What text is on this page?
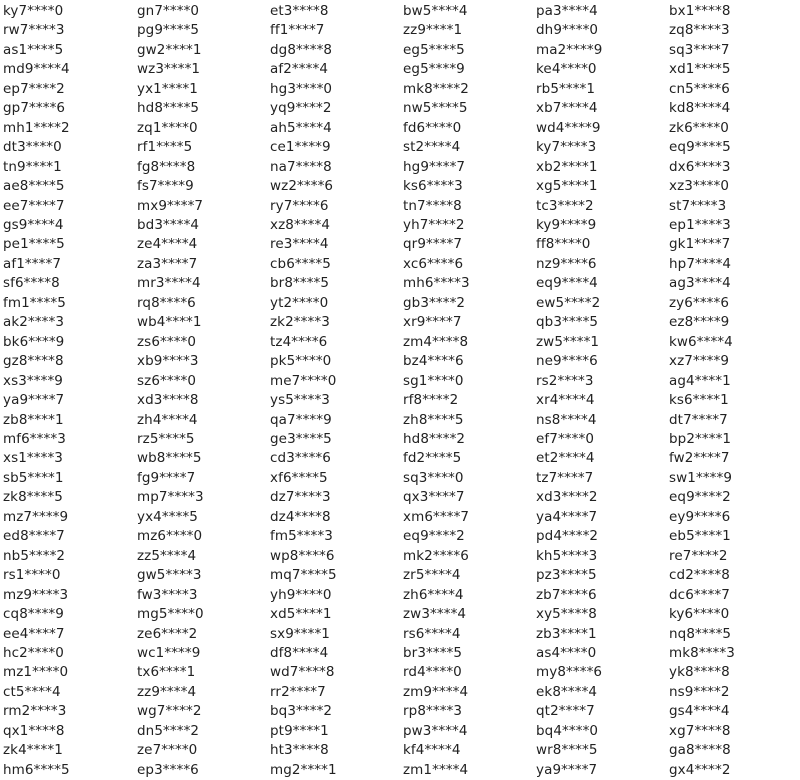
ky7****0
rw7****3
as1****5
md9****4
ep7****2
gp7****6
mh1****2
dt3****0
tn9****1
ae8****5
ee7****7
gs9****4
pe1****5
af1****7
sf6****8
fm1****5
ak2****3
bk6****9
gz8****8
xs3****9
ya9****7
zb8****1
mf6****3
xs1****3
sb5****1
zk8****5
mz7****9
ed8****7
nb5****2
rs1****0
mz9****3
cq8****9
ee4****7
hc2****0
mz1****0
ct5****4
rm2****3
qx1****8
zk4****1
hm6****5
gn7****0
pg9****5
gw2****1
wz3****1
yx1****1
hd8****5
zq1****0
rf1****5
fg8****8
fs7****9
mx9****7
bd3****4
ze4****4
za3****7
mr3****4
rq8****6
wb4****1
zs6****0
xb9****3
sz6****0
xd3****8
zh4****4
rz5****5
wb8****5
fg9****7
mp7****3
yx4****5
mz6****0
zz5****4
gw5****3
fw3****3
mg5****0
ze6****2
wc1****9
tx6****1
zz9****4
wg7****2
dn5****2
ze7****0
ep3****6
et3****8
ff1****7
dg8****8
af2****4
hg3****0
yq9****2
ah5****4
ce1****9
na7****8
wz2****6
ry7****6
xz8****4
re3****4
cb6****5
br8****5
yt2****0
zk2****3
tz4****6
pk5****0
me7****0
ys5****3
qa7****9
ge3****5
cd3****6
xf6****5
dz7****3
dz4****8
fm5****3
wp8****6
mq7****5
yh9****0
xd5****1
sx9****1
df8****4
wd7****8
rr2****7
bq3****2
pt9****1
ht3****8
mg2****1
bw5****4
zz9****1
eg5****5
eg5****9
mk8****2
nw5****5
fd6****0
st2****4
hg9****7
ks6****3
tn7****8
yh7****2
qr9****7
xc6****6
mh6****3
gb3****2
xr9****7
zm4****8
bz4****6
sg1****0
rf8****2
zh8****5
hd8****2
fd2****5
sq3****0
qx3****7
xm6****7
eq9****2
mk2****6
zr5****4
zh6****4
zw3****4
rs6****4
br3****5
rd4****0
zm9****4
rp8****3
pw3****4
kf4****4
zm1****4
pa3****4
dh9****0
ma2****9
ke4****0
rb5****1
xb7****4
wd4****9
ky7****3
xb2****1
xg5****1
tc3****2
ky9****9
ff8****0
nz9****6
eq9****4
ew5****2
qb3****5
zw5****1
ne9****6
rs2****3
xr4****4
ns8****4
ef7****0
et2****4
tz7****7
xd3****2
ya4****7
pd4****2
kh5****3
pz3****5
zb7****6
xy5****8
zb3****1
as4****0
my8****6
ek8****4
qt2****7
bq4****0
wr8****5
ya9****7
bx1****8
zq8****3
sq3****7
xd1****5
cn5****6
kd8****4
zk6****0
eq9****5
dx6****3
xz3****0
st7****3
ep1****3
gk1****7
hp7****4
ag3****4
zy6****6
ez8****9
kw6****4
xz7****9
ag4****1
ks6****1
dt7****7
bp2****1
fw2****7
sw1****9
eq9****2
ey9****6
eb5****1
re7****2
cd2****8
dc6****7
ky6****0
nq8****5
mk8****3
yk8****8
ns9****2
gs4****4
xg7****8
ga8****8
gx4****2
